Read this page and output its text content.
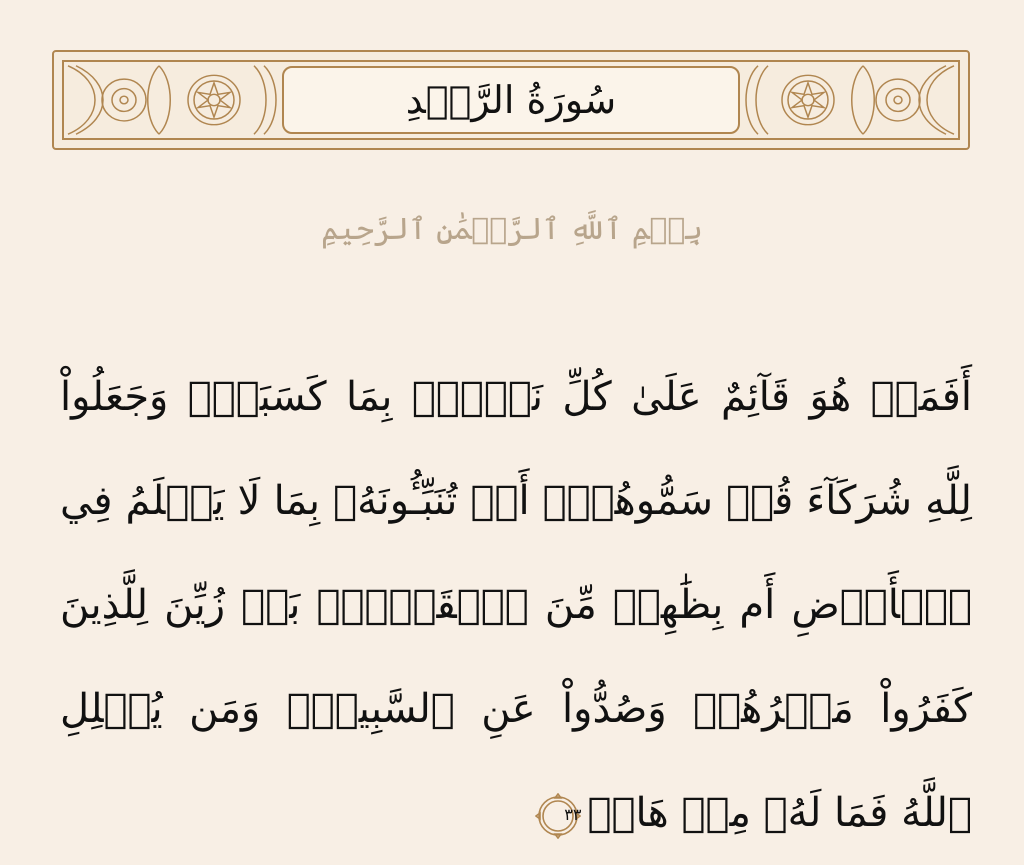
سُورَةُ الرَّعۡدِ
بِسۡمِ ٱللَّهِ ٱلرَّحۡمَٰنِ ٱلرَّحِيمِ
أَفَمَنۡ هُوَ قَآئِمٌ عَلَىٰ كُلِّ نَفۡسِۭ بِمَا كَسَبَتۡۗ وَجَعَلُواْ لِلَّهِ شُرَكَآءَ قُلۡ سَمُّوهُمۡۚ أَمۡ تُنَبِّـُٔونَهُۥ بِمَا لَا يَعۡلَمُ فِي ٱلۡأَرۡضِ أَم بِظَٰهِرٖ مِّنَ ٱلۡقَوۡلِۗ بَلۡ زُيِّنَ لِلَّذِينَ كَفَرُواْ مَكۡرُهُمۡ وَصُدُّواْ عَنِ ٱلسَّبِيلِۗ وَمَن يُضۡلِلِ ٱللَّهُ فَمَا لَهُۥ مِنۡ هَادٖ
٣٣
